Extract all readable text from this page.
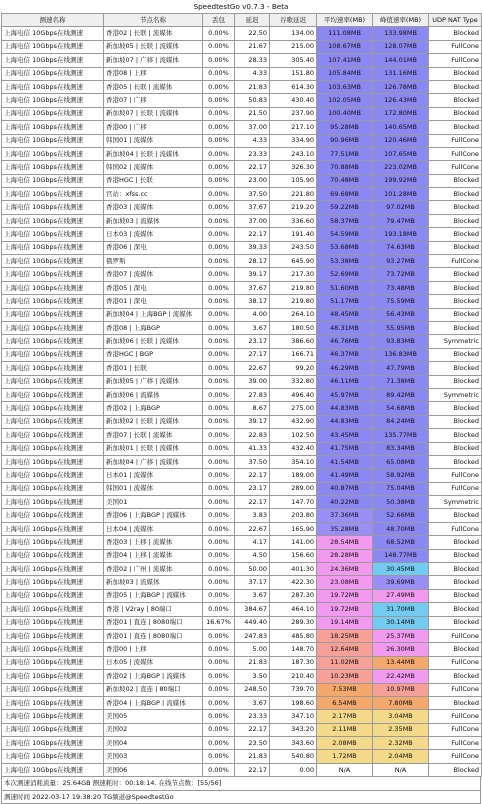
SpeedtestGo v0.7.3 - Beta
测速名称	节点名称	丢包	延迟	谷歌延迟	平均速率(MB)	峰值速率(MB)	UDP NAT Type
上海电信 10Gbps在线测速	香港02 | 长联 | 流媒体	0.00%	22.50	134.00	111.08MB	133.98MB	Blocked
上海电信 10Gbps在线测速	新加坡05 | 长联 | 流媒体	0.00%	21.67	215.00	108.67MB	128.07MB	FullCone
上海电信 10Gbps在线测速	新加坡07 | 广移 | 流媒体	0.00%	28.33	305.40	107.41MB	144.01MB	FullCone
上海电信 10Gbps在线测速	香港08 | 上移	0.00%	4.33	151.80	105.84MB	131.16MB	Blocked
上海电信 10Gbps在线测速	香港05 | 长联 | 流媒体	0.00%	21.83	614.30	103.63MB	126.78MB	Blocked
上海电信 10Gbps在线测速	香港07 | 广移	0.00%	50.83	430.40	102.05MB	126.43MB	Blocked
上海电信 10Gbps在线测速	新加坡07 | 长联 | 流媒体	0.00%	21.50	237.90	100.40MB	172.80MB	Blocked
上海电信 10Gbps在线测速	香港00 | 广移	0.00%	37.00	217.10	95.28MB	140.65MB	Blocked
上海电信 10Gbps在线测速	韩国01 | 流媒体	0.00%	4.33	334.90	90.96MB	120.46MB	FullCone
上海电信 10Gbps在线测速	新加坡04 | 长联 | 流媒体	0.00%	23.33	243.10	77.51MB	107.65MB	FullCone
上海电信 10Gbps在线测速	韩国02 | 流媒体	0.00%	22.17	326.30	70.88MB	223.02MB	FullCone
上海电信 10Gbps在线测速	香港HGC | 长联	0.00%	23.00	105.90	70.48MB	199.92MB	Blocked
上海电信 10Gbps在线测速	官站：xfss.cc	0.00%	37.50	221.80	69.68MB	101.28MB	Blocked
上海电信 10Gbps在线测速	香港03 | 流媒体	0.00%	37.67	219.20	59.22MB	97.02MB	Blocked
上海电信 10Gbps在线测速	新加坡03 | 流媒体	0.00%	37.00	336.60	58.37MB	79.47MB	Blocked
上海电信 10Gbps在线测速	日本03 | 流媒体	0.00%	22.17	191.40	54.59MB	193.18MB	Blocked
上海电信 10Gbps在线测速	香港06 | 深电	0.00%	39.33	243.50	53.68MB	74.63MB	Blocked
上海电信 10Gbps在线测速	俄罗斯	0.00%	28.17	645.90	53.38MB	93.27MB	FullCone
上海电信 10Gbps在线测速	香港07 | 流媒体	0.00%	39.17	217.30	52.69MB	73.72MB	Blocked
上海电信 10Gbps在线测速	香港05 | 深电	0.00%	37.67	219.80	51.60MB	73.48MB	Blocked
上海电信 10Gbps在线测速	香港01 | 深电	0.00%	38.17	219.80	51.17MB	75.59MB	Blocked
上海电信 10Gbps在线测速	新加坡04 | 上海BGP | 流媒体	0.00%	4.00	264.10	48.45MB	56.43MB	Blocked
上海电信 10Gbps在线测速	香港08 | 上海BGP	0.00%	3.67	180.50	48.31MB	55.95MB	Blocked
上海电信 10Gbps在线测速	新加坡06 | 长联 | 流媒体	0.00%	23.17	386.60	46.76MB	93.83MB	Symmetric
上海电信 10Gbps在线测速	香港HGC | BGP	0.00%	27.17	166.71	46.37MB	136.83MB	Blocked
上海电信 10Gbps在线测速	香港01 | 长联	0.00%	22.67	99.20	46.29MB	47.79MB	Blocked
上海电信 10Gbps在线测速	新加坡05 | 广移 | 流媒体	0.00%	39.00	332.80	46.11MB	71.38MB	Blocked
上海电信 10Gbps在线测速	新加坡06 | 流媒体	0.00%	27.83	496.40	45.97MB	89.42MB	Symmetric
上海电信 10Gbps在线测速	香港02 | 上海BGP	0.00%	8.67	275.00	44.83MB	54.68MB	Blocked
上海电信 10Gbps在线测速	新加坡02 | 长联 | 流媒体	0.00%	39.17	432.90	44.83MB	84.24MB	Blocked
上海电信 10Gbps在线测速	香港07 | 长联 | 流媒体	0.00%	22.83	102.50	43.45MB	135.77MB	Blocked
上海电信 10Gbps在线测速	新加坡01 | 长联 | 流媒体	0.00%	41.33	432.40	41.75MB	83.34MB	Blocked
上海电信 10Gbps在线测速	新加坡04 | 广移 | 流媒体	0.00%	37.50	354.10	41.54MB	65.08MB	Blocked
上海电信 10Gbps在线测速	日本01 | 流媒体	0.00%	22.17	189.00	41.49MB	58.92MB	FullCone
上海电信 10Gbps在线测速	韩国01 | 流媒体	0.00%	23.17	289.00	40.87MB	75.04MB	FullCone
上海电信 10Gbps在线测速	美国01	0.00%	22.17	147.70	40.22MB	50.38MB	Symmetric
上海电信 10Gbps在线测速	香港06 | 上海BGP | 流媒体	0.00%	3.83	203.80	37.36MB	52.66MB	Blocked
上海电信 10Gbps在线测速	日本04 | 流媒体	0.00%	22.67	165.90	35.28MB	48.70MB	FullCone
上海电信 10Gbps在线测速	香港03 | 上移 | 流媒体	0.00%	4.17	141.00	28.54MB	68.52MB	Blocked
上海电信 10Gbps在线测速	香港04 | 上移 | 流媒体	0.00%	4.50	156.60	28.28MB	148.77MB	Blocked
上海电信 10Gbps在线测速	香港02 | 广州 | 流媒体	0.00%	50.00	401.30	24.36MB	30.45MB	Blocked
上海电信 10Gbps在线测速	新加坡03 | 流媒体	0.00%	37.17	422.30	23.08MB	39.69MB	Blocked
上海电信 10Gbps在线测速	香港05 | 上海BGP | 流媒体	0.00%	3.67	287.30	19.72MB	27.49MB	Blocked
上海电信 10Gbps在线测速	香港 | V2ray | 80端口	0.00%	384.67	464.10	19.72MB	31.70MB	Blocked
上海电信 10Gbps在线测速	香港01 | 直连 | 8080端口	16.67%	449.40	289.30	19.14MB	30.14MB	Blocked
上海电信 10Gbps在线测速	香港01 | 直连 | 8080端口	0.00%	247.83	485.80	18.25MB	25.37MB	FullCone
上海电信 10Gbps在线测速	香港00 | 上移	0.00%	5.00	148.70	12.64MB	26.30MB	Blocked
上海电信 10Gbps在线测速	日本05 | 流媒体	0.00%	21.83	187.30	11.02MB	13.44MB	FullCone
上海电信 10Gbps在线测速	香港02 | 上海BGP | 流媒体	0.00%	3.50	210.40	10.23MB	22.42MB	Blocked
上海电信 10Gbps在线测速	新加坡02 | 直连 | 80端口	0.00%	248.50	739.70	7.53MB	10.97MB	FullCone
上海电信 10Gbps在线测速	香港04 | 上海BGP | 流媒体	0.00%	3.67	198.60	6.54MB	7.80MB	Blocked
上海电信 10Gbps在线测速	美国05	0.00%	23.33	347.10	2.17MB	3.04MB	FullCone
上海电信 10Gbps在线测速	美国02	0.00%	22.17	343.20	2.11MB	2.35MB	FullCone
上海电信 10Gbps在线测速	美国04	0.00%	23.50	343.60	2.08MB	2.32MB	FullCone
上海电信 10Gbps在线测速	美国03	0.00%	21.83	540.80	1.72MB	2.04MB	FullCone
上海电信 10Gbps在线测速	美国06	0.00%	22.17	0.00	N/A	N/A	Blocked
本次测速消耗流量：25.64GB 测速耗时：00:18:14. 在线节点数：[55/56]
测速时间 2022-03-17 19:38:20 TG频道@SpeedtestGo
